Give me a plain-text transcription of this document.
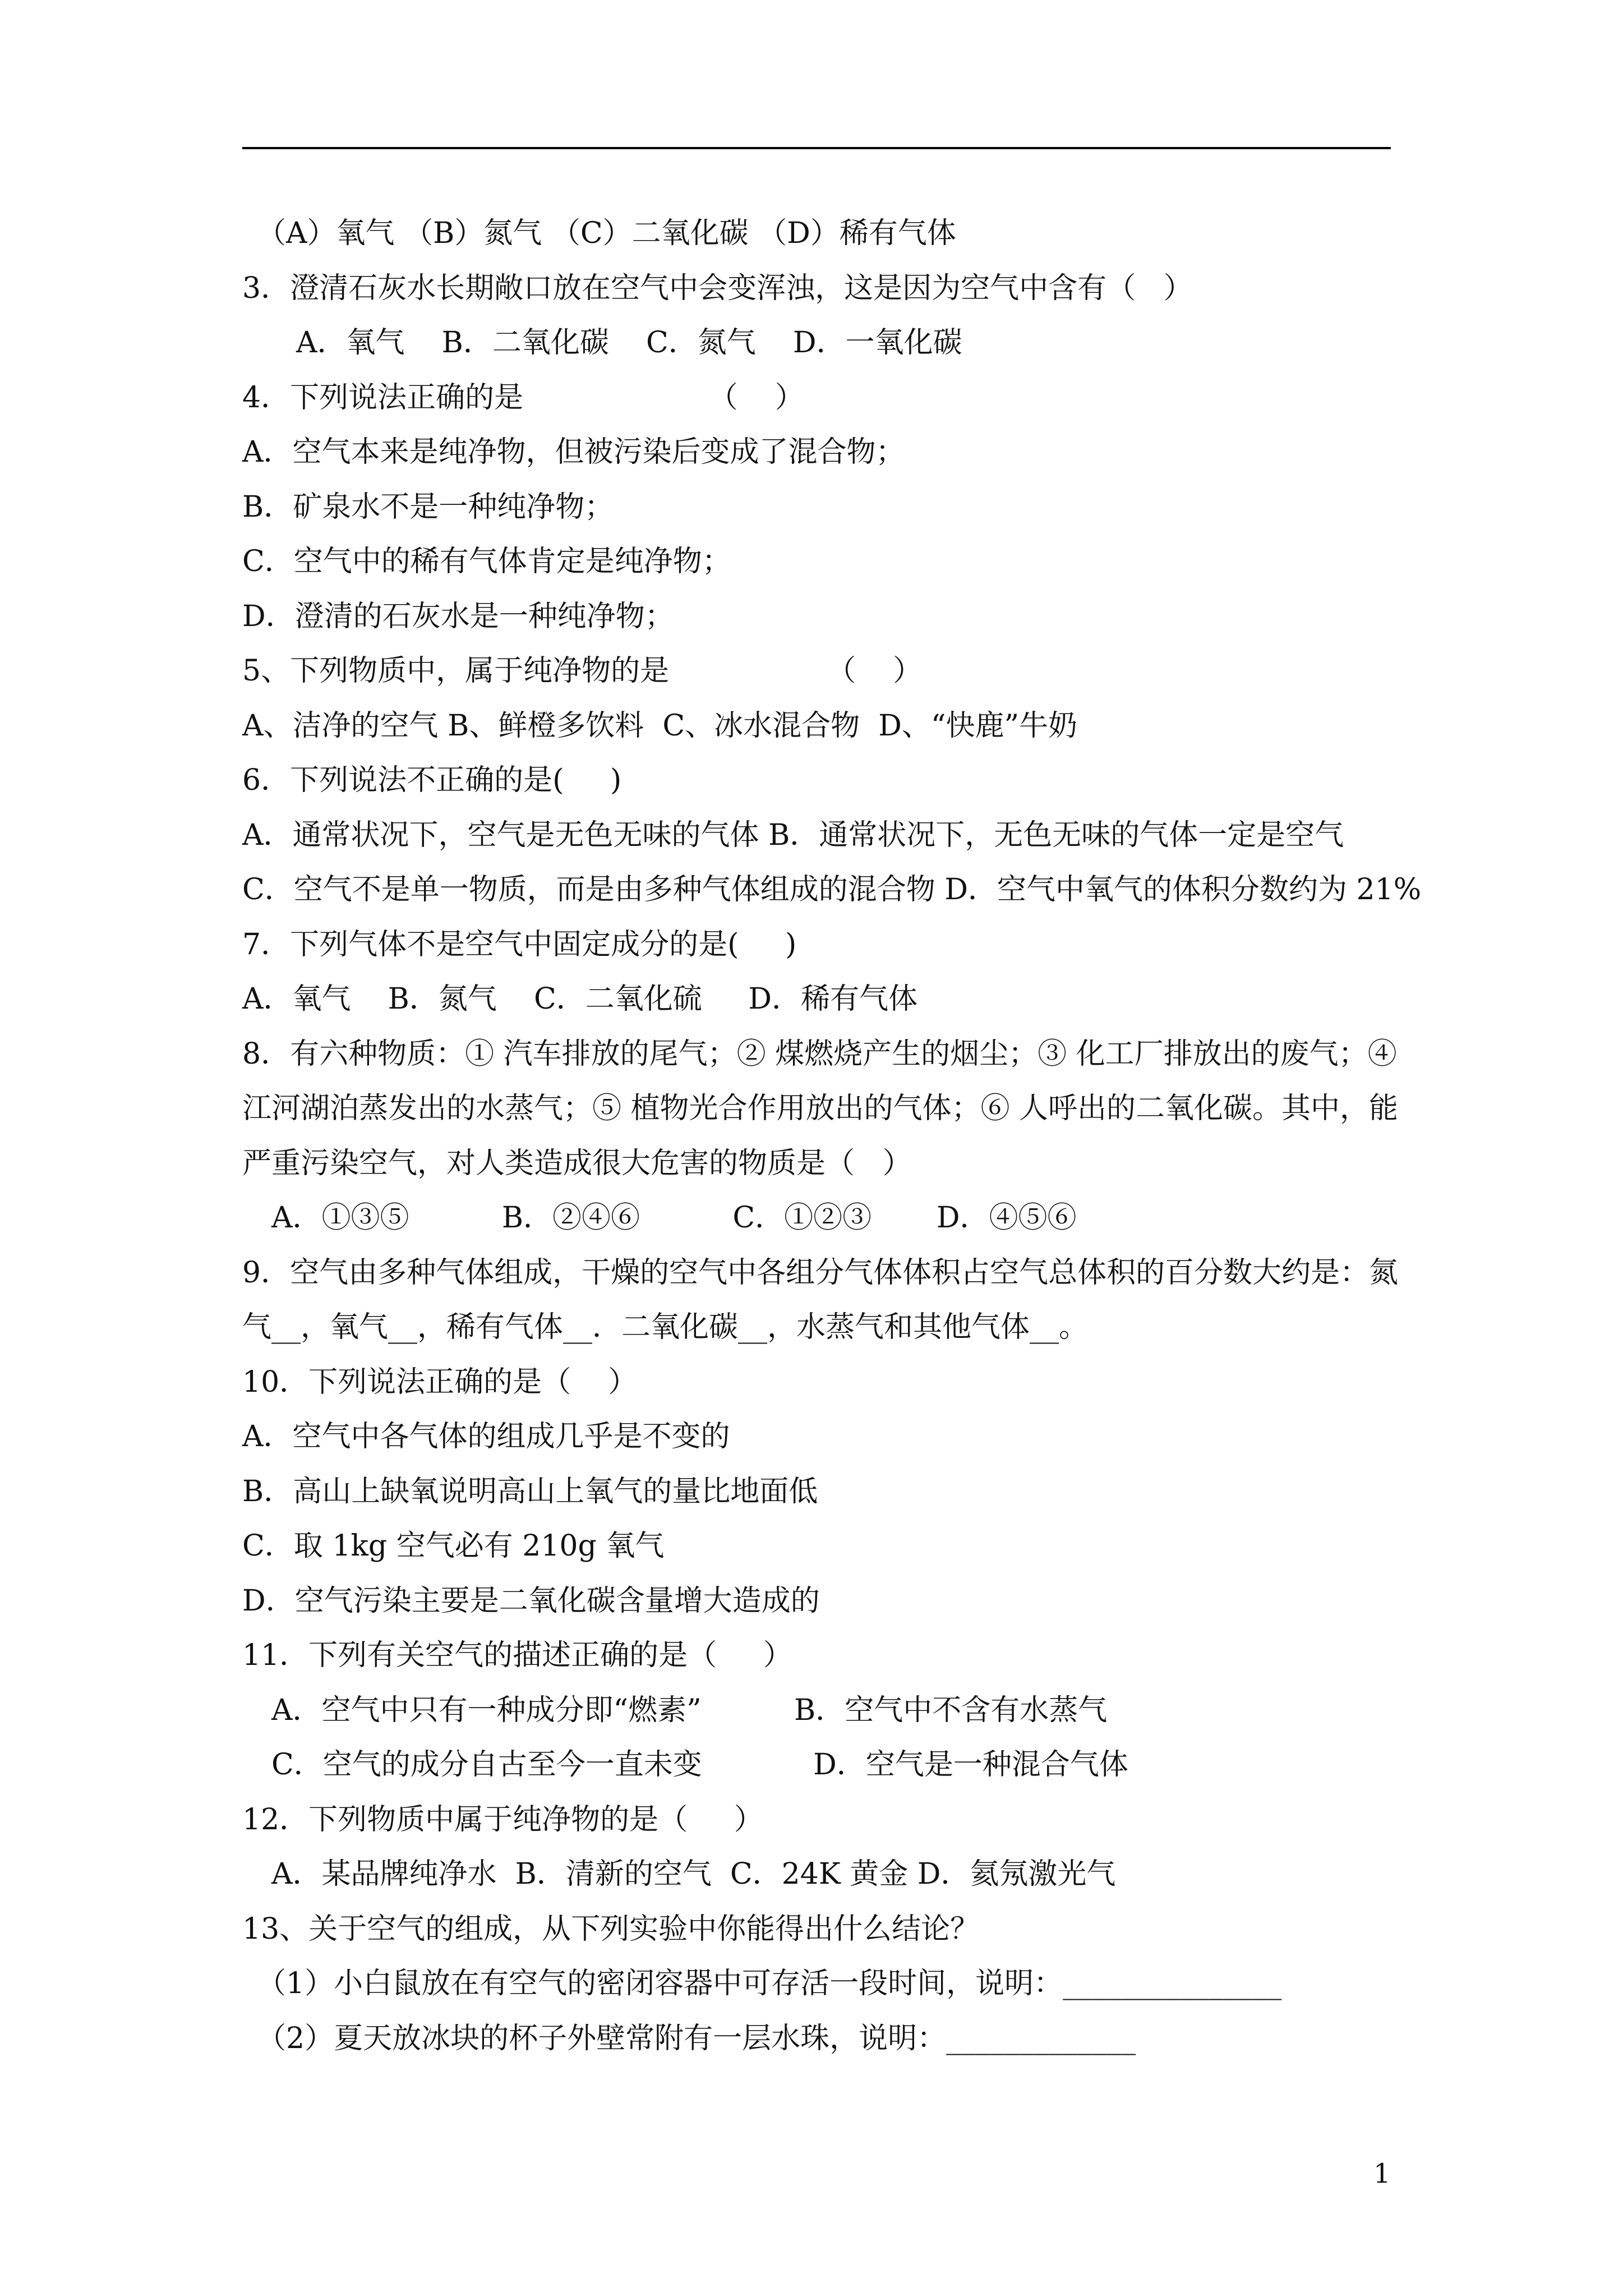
（A）氧气 （B）氮气 （C）二氧化碳 （D）稀有气体
3．澄清石灰水长期敞口放在空气中会变浑浊，这是因为空气中含有（   ）
A．氧气    B．二氧化碳    C．氮气    D．一氧化碳
4．下列说法正确的是                    （    ）
A．空气本来是纯净物，但被污染后变成了混合物；
B．矿泉水不是一种纯净物；
C．空气中的稀有气体肯定是纯净物；
D．澄清的石灰水是一种纯净物；
5、下列物质中，属于纯净物的是                 （    ）
A、洁净的空气 B、鲜橙多饮料  C、冰水混合物  D、“快鹿”牛奶
6．下列说法不正确的是(     )
A．通常状况下，空气是无色无味的气体 B．通常状况下，无色无味的气体一定是空气
C．空气不是单一物质，而是由多种气体组成的混合物 D．空气中氧气的体积分数约为 21%
7．下列气体不是空气中固定成分的是(     )
A．氧气    B．氮气    C．二氧化硫     D．稀有气体
8．有六种物质：① 汽车排放的尾气；② 煤燃烧产生的烟尘；③ 化工厂排放出的废气；④
江河湖泊蒸发出的水蒸气；⑤ 植物光合作用放出的气体；⑥ 人呼出的二氧化碳。其中，能
严重污染空气，对人类造成很大危害的物质是（   ）
A．①③⑤          B．②④⑥          C．①②③       D．④⑤⑥
9．空气由多种气体组成，干燥的空气中各组分气体体积占空气总体积的百分数大约是：氮
气__，氧气__，稀有气体__．二氧化碳__，水蒸气和其他气体__。
10．下列说法正确的是（    ）
A．空气中各气体的组成几乎是不变的
B．高山上缺氧说明高山上氧气的量比地面低
C．取 1kg 空气必有 210g 氧气
D．空气污染主要是二氧化碳含量增大造成的
11．下列有关空气的描述正确的是（     ）
A．空气中只有一种成分即“燃素”          B．空气中不含有水蒸气
C．空气的成分自古至今一直未变            D．空气是一种混合气体
12．下列物质中属于纯净物的是（     ）
A．某品牌纯净水  B．清新的空气  C．24K 黄金 D．氦氖激光气
13、关于空气的组成，从下列实验中你能得出什么结论？
（1）小白鼠放在有空气的密闭容器中可存活一段时间，说明：_______________
（2）夏天放冰块的杯子外壁常附有一层水珠，说明：_____________
1
